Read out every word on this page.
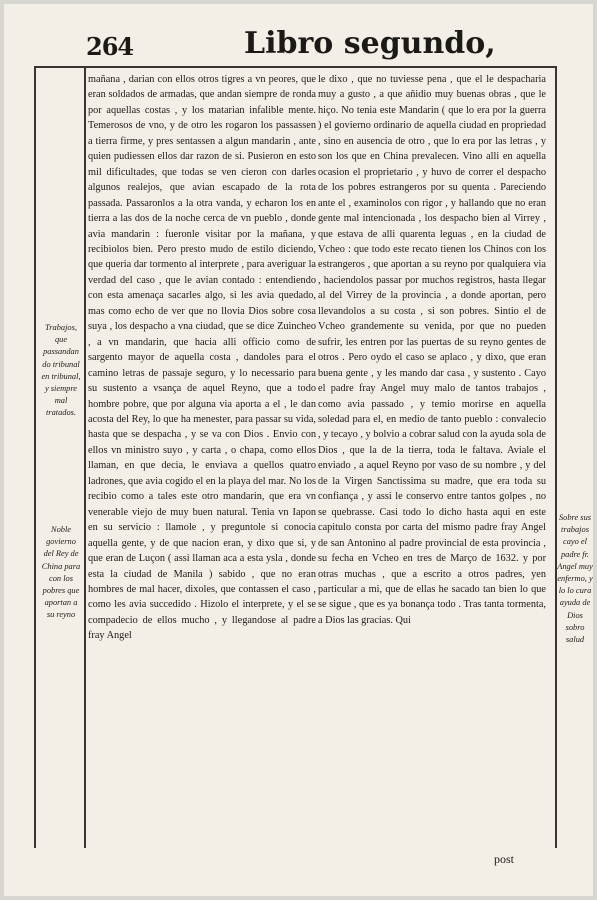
264	Libro segundo,
Trabajos, que passandan do tribunal en tribunal, y siempre mal tratados.
Noble govierno del Rey de China para con los pobres que aportan a su reyno
Sobre sus trabajos cayo el padre fr. Angel muy enfermo, y lo lo cura ayuda de Dios sobro salud

mañana , darian con ellos otros tigres a vn peores, que eran soldados de armadas, que andan siempre de ronda por aquellas costas , y los matarian infalible mente. Temerosos de vno, y de otro les rogaron los passassen a tierra firme, y pres sentassen a algun mandarin , ante quien pudiessen ellos dar razon de si. Pusieron en esto mil dificultades, que todas se ven cieron con darles algunos realejos, que avian escapado de la rota passada. Passaronlos a la otra vanda, y echaron los en tierra a las dos de la noche cerca de vn pueblo , donde avia mandarin : fueronle visitar por la mañana, y recibiolos bien. Pero presto mudo de estilo diciendo, que queria dar tormento al interprete , para averiguar la verdad del caso , que le avian contado : entendiendo con esta amenaça sacarles algo, si les avia quedado, mas como echo de ver que no llovia Dios sobre cosa suya , los despacho a vna ciudad, que se dice Zuincheo , a vn mandarin, que hacia alli officio como de sargento mayor de aquella costa , dandoles para el camino letras de passaje seguro, y lo necessario para su sustento a vsança de aquel Reyno, que a todo hombre pobre, que por alguna via aporta a el , le dan acosta del Rey, lo que ha menester, para passar su vida, hasta que se despacha , y se va con Dios . Envio con ellos vn ministro suyo , y carta , o chapa, como ellos llaman, en que decia, le enviava a quellos quatro ladrones, que avia cogido el en la playa del mar. No los recibio como a tales este otro mandarin, que era vn venerable viejo de muy buen natural. Tenia vn Iapon en su servicio : llamole , y preguntole si conocia aquella gente, y de que nacion eran, y dixo que si, y que eran de Luçon ( assi llaman aca a esta ysla , donde esta la ciudad de Manila ) sabido , que no eran hombres de mal hacer, dixoles, que contassen el caso , como les avia succedido . Hizolo el interprete, y el se compadecio de ellos mucho , y llegandose al padre fray Angel

le dixo , que no tuviesse pena , que el le despacharia muy a gusto , a que añidio muy buenas obras , que le hiço. No tenia este Mandarin ( que lo era por la guerra ) el govierno ordinario de aquella ciudad en propriedad , sino en ausencia de otro , que lo era por las letras , y son los que en China prevalecen. Vino alli en aquella ocasion el proprietario , y huvo de correr el despacho de los pobres estrangeros por su quenta . Pareciendo ante el , examinolos con rigor , y hallando que no eran gente mal intencionada , los despacho bien al Virrey , que estava de alli quarenta leguas , en la ciudad de Vcheo : que todo este recato tienen los Chinos con los estrangeros , que aportan a su reyno por qualquiera via , haciendolos passar por muchos registros, hasta llegar al del Virrey de la provincia , a donde aportan, pero llevandolos a su costa , si son pobres. Sintio el de Vcheo grandemente su venida, por que no pueden sufrir, les entren por las puertas de su reyno gentes de otros . Pero oydo el caso se aplaco , y dixo, que eran buena gente , y les mando dar casa , y sustento . Cayo el padre fray Angel muy malo de tantos trabajos , como avia passado , y temio morirse en aquella soledad para el, en medio de tanto pueblo : convalecio , y tecayo , y bolvio a cobrar salud con la ayuda sola de Dios , que la de la tierra, toda le faltava. Aviale el enviado , a aquel Reyno por vaso de su nombre , y del de la Virgen Sanctissima su madre, que era toda su confiança , y assi le conservo entre tantos golpes , no se quebrasse. Casi todo lo dicho hasta aqui en este capitulo consta por carta del mismo padre fray Angel de san Antonino al padre provincial de esta provincia , su fecha en Vcheo en tres de Março de 1632. y por otras muchas , que a escrito a otros padres, yen particular a mi, que de ellas he sacado tan bien lo que se sigue , que es ya bonança todo . Tras tanta tormenta, a Dios las gracias. Qui

post
